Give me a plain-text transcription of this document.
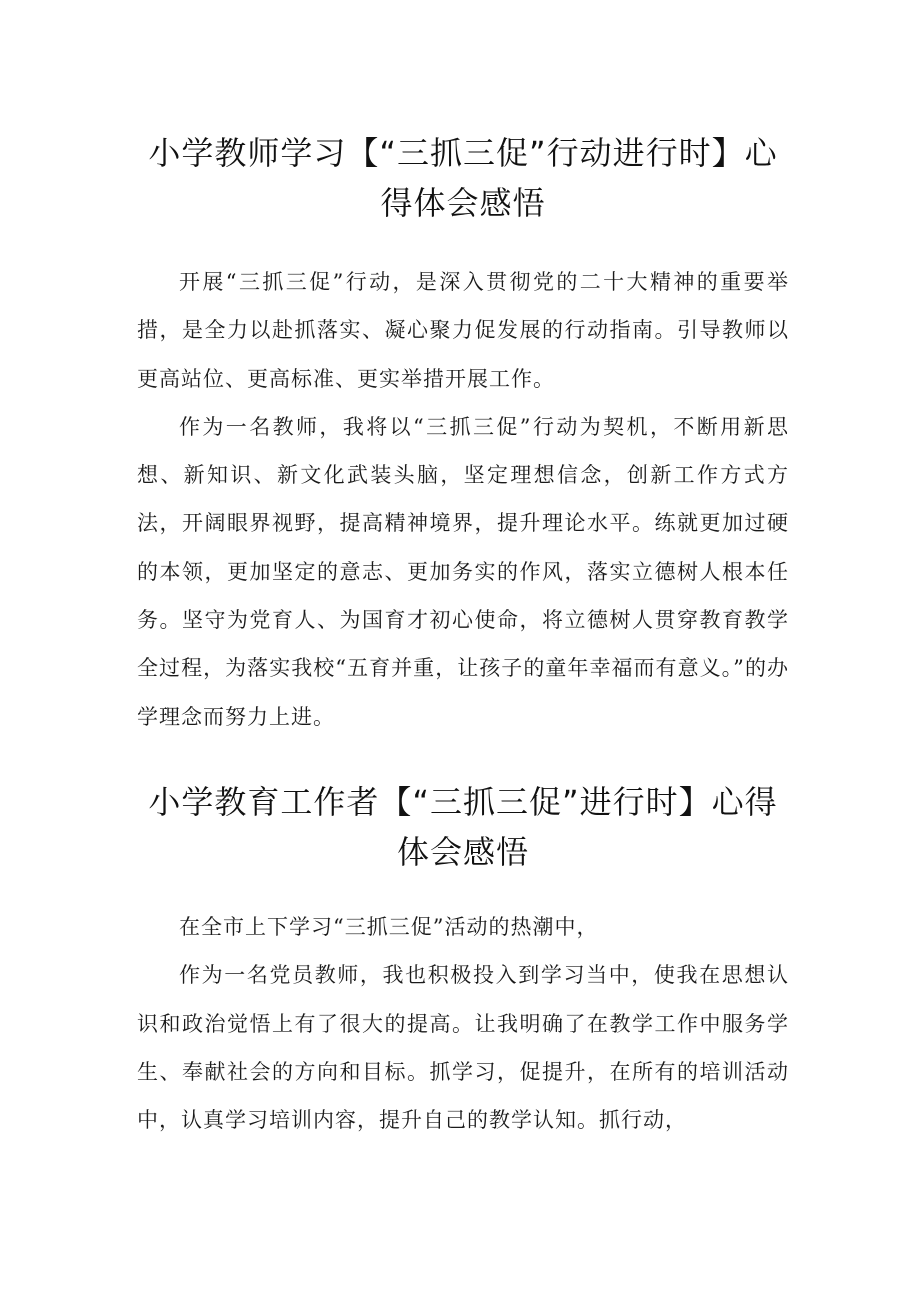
小学教师学习【“三抓三促”行动进行时】心得体会感悟

开展“三抓三促”行动，是深入贯彻党的二十大精神的重要举措，是全力以赴抓落实、凝心聚力促发展的行动指南。引导教师以更高站位、更高标准、更实举措开展工作。

作为一名教师，我将以“三抓三促”行动为契机，不断用新思想、新知识、新文化武装头脑，坚定理想信念，创新工作方式方法，开阔眼界视野，提高精神境界，提升理论水平。练就更加过硬的本领，更加坚定的意志、更加务实的作风，落实立德树人根本任务。坚守为党育人、为国育才初心使命，将立德树人贯穿教育教学全过程，为落实我校“五育并重，让孩子的童年幸福而有意义。”的办学理念而努力上进。

小学教育工作者【“三抓三促”进行时】心得体会感悟

在全市上下学习“三抓三促”活动的热潮中，

作为一名党员教师，我也积极投入到学习当中，使我在思想认识和政治觉悟上有了很大的提高。让我明确了在教学工作中服务学生、奉献社会的方向和目标。抓学习，促提升，在所有的培训活动中，认真学习培训内容，提升自己的教学认知。抓行动，
